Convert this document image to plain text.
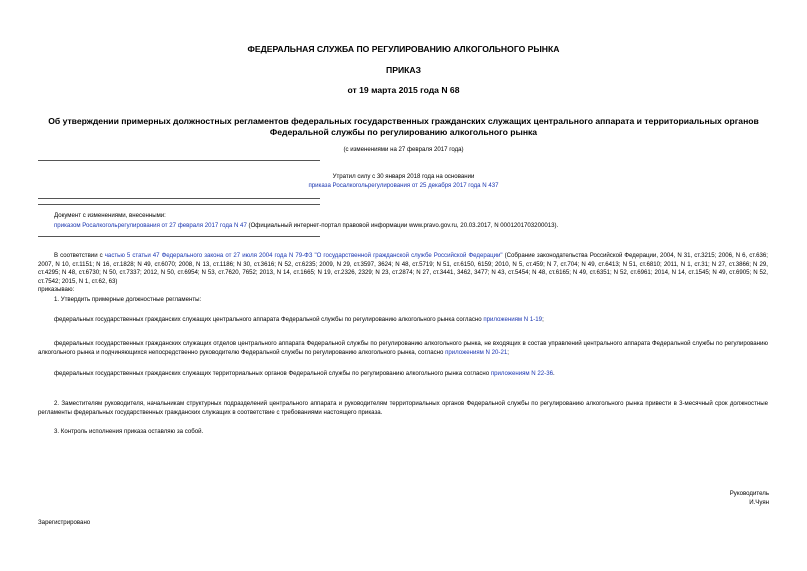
ФЕДЕРАЛЬНАЯ СЛУЖБА ПО РЕГУЛИРОВАНИЮ АЛКОГОЛЬНОГО РЫНКА
ПРИКАЗ
от 19 марта 2015 года N 68
Об утверждении примерных должностных регламентов федеральных государственных гражданских служащих центрального аппарата и территориальных органов Федеральной службы по регулированию алкогольного рынка
(с изменениями на 27 февраля 2017 года)
Утратил силу с 30 января 2018 года на основании
приказа Росалкогольрегулирования от 25 декабря 2017 года N 437
Документ с изменениями, внесенными:
приказом Росалкогольрегулирования от 27 февраля 2017 года N 47 (Официальный интернет-портал правовой информации www.pravo.gov.ru, 20.03.2017, N 0001201703200013).
В соответствии с частью 5 статьи 47 Федерального закона от 27 июля 2004 года N 79-ФЗ "О государственной гражданской службе Российской Федерации" (Собрание законодательства Российской Федерации, 2004, N 31, ст.3215; 2006, N 6, ст.636; 2007, N 10, ст.1151; N 16, ст.1828; N 49, ст.6070; 2008, N 13, ст.1186; N 30, ст.3616; N 52, ст.6235; 2009, N 29, ст.3597, 3624; N 48, ст.5719; N 51, ст.6150, 6159; 2010, N 5, ст.459; N 7, ст.704; N 49, ст.6413; N 51, ст.6810; 2011, N 1, ст.31; N 27, ст.3866; N 29, ст.4295; N 48, ст.6730; N 50, ст.7337; 2012, N 50, ст.6954; N 53, ст.7620, 7652; 2013, N 14, ст.1665; N 19, ст.2326, 2329; N 23, ст.2874; N 27, ст.3441, 3462, 3477; N 43, ст.5454; N 48, ст.6165; N 49, ст.6351; N 52, ст.6961; 2014, N 14, ст.1545; N 49, ст.6905; N 52, ст.7542; 2015, N 1, ст.62, 63)
приказываю:
1. Утвердить примерные должностные регламенты:
федеральных государственных гражданских служащих центрального аппарата Федеральной службы по регулированию алкогольного рынка согласно приложениям N 1-19;
федеральных государственных гражданских служащих отделов центрального аппарата Федеральной службы по регулированию алкогольного рынка, не входящих в состав управлений центрального аппарата Федеральной службы по регулированию алкогольного рынка и подчиняющихся непосредственно руководителю Федеральной службы по регулированию алкогольного рынка, согласно приложениям N 20-21;
федеральных государственных гражданских служащих территориальных органов Федеральной службы по регулированию алкогольного рынка согласно приложениям N 22-36.
2. Заместителям руководителя, начальникам структурных подразделений центрального аппарата и руководителям территориальных органов Федеральной службы по регулированию алкогольного рынка привести в 3-месячный срок должностные регламенты федеральных государственных гражданских служащих в соответствие с требованиями настоящего приказа.
3. Контроль исполнения приказа оставляю за собой.
Руководитель
И.Чуян
Зарегистрировано
